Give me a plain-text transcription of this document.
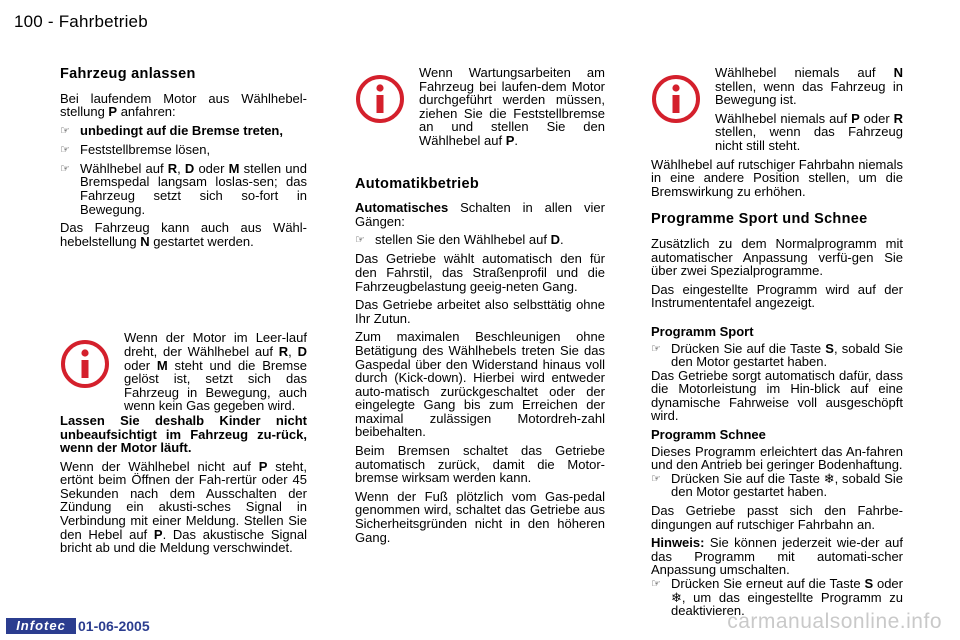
100 - Fahrbetrieb
Fahrzeug anlassen

Bei laufendem Motor aus Wählhebel-stellung P anfahren:

☞ unbedingt auf die Bremse treten,
☞ Feststellbremse lösen,
☞ Wählhebel auf R, D oder M stellen und Bremspedal langsam loslas-sen; das Fahrzeug setzt sich so-fort in Bewegung.

Das Fahrzeug kann auch aus Wähl-hebelstellung N gestartet werden.

Wenn der Motor im Leer-lauf dreht, der Wählhebel auf R, D oder M steht und die Bremse gelöst ist, setzt sich das Fahrzeug in Bewegung, auch wenn kein Gas gegeben wird.

Lassen Sie deshalb Kinder nicht unbeaufsichtigt im Fahrzeug zu-rück, wenn der Motor läuft.

Wenn der Wählhebel nicht auf P steht, ertönt beim Öffnen der Fah-rertür oder 45 Sekunden nach dem Ausschalten der Zündung ein akusti-sches Signal in Verbindung mit einer Meldung. Stellen Sie den Hebel auf P. Das akustische Signal bricht ab und die Meldung verschwindet.

Wenn Wartungsarbeiten am Fahrzeug bei laufen-dem Motor durchgeführt werden müssen, ziehen Sie die Feststellbremse an und stellen Sie den Wählhebel auf P.
Automatikbetrieb

Automatisches Schalten in allen vier Gängen:

☞ stellen Sie den Wählhebel auf D.

Das Getriebe wählt automatisch den für den Fahrstil, das Straßenprofil und die Fahrzeugbelastung geeig-neten Gang.

Das Getriebe arbeitet also selbsttätig ohne Ihr Zutun.

Zum maximalen Beschleunigen ohne Betätigung des Wählhebels treten Sie das Gaspedal über den Widerstand hinaus voll durch (Kick-down). Hierbei wird entweder auto-matisch zurückgeschaltet oder der eingelegte Gang bis zum Erreichen der maximal zulässigen Motordreh-zahl beibehalten.

Beim Bremsen schaltet das Getriebe automatisch zurück, damit die Motor-bremse wirksam werden kann.

Wenn der Fuß plötzlich vom Gas-pedal genommen wird, schaltet das Getriebe aus Sicherheitsgründen nicht in den höheren Gang.

Wählhebel niemals auf N stellen, wenn das Fahrzeug in Bewegung ist.

Wählhebel niemals auf P oder R stellen, wenn das Fahrzeug nicht still steht.

Wählhebel auf rutschiger Fahrbahn niemals in eine andere Position stellen, um die Bremswirkung zu erhöhen.

Programme Sport und Schnee

Zusätzlich zu dem Normalprogramm mit automatischer Anpassung verfü-gen Sie über zwei Spezialprogramme.

Das eingestellte Programm wird auf der Instrumententafel angezeigt.

Programm Sport
☞ Drücken Sie auf die Taste S, sobald Sie den Motor gestartet haben.

Das Getriebe sorgt automatisch dafür, dass die Motorleistung im Hin-blick auf eine dynamische Fahrweise voll ausgeschöpft wird.

Programm Schnee

Dieses Programm erleichtert das An-fahren und den Antrieb bei geringer Bodenhaftung.

☞ Drücken Sie auf die Taste ❄, sobald Sie den Motor gestartet haben.

Das Getriebe passt sich den Fahrbe-dingungen auf rutschiger Fahrbahn an.

Hinweis: Sie können jederzeit wie-der auf das Programm mit automati-scher Anpassung umschalten.

☞ Drücken Sie erneut auf die Taste S oder ❄, um das eingestellte Programm zu deaktivieren.
Infotec 01-06-2005	carmanualsonline.info
